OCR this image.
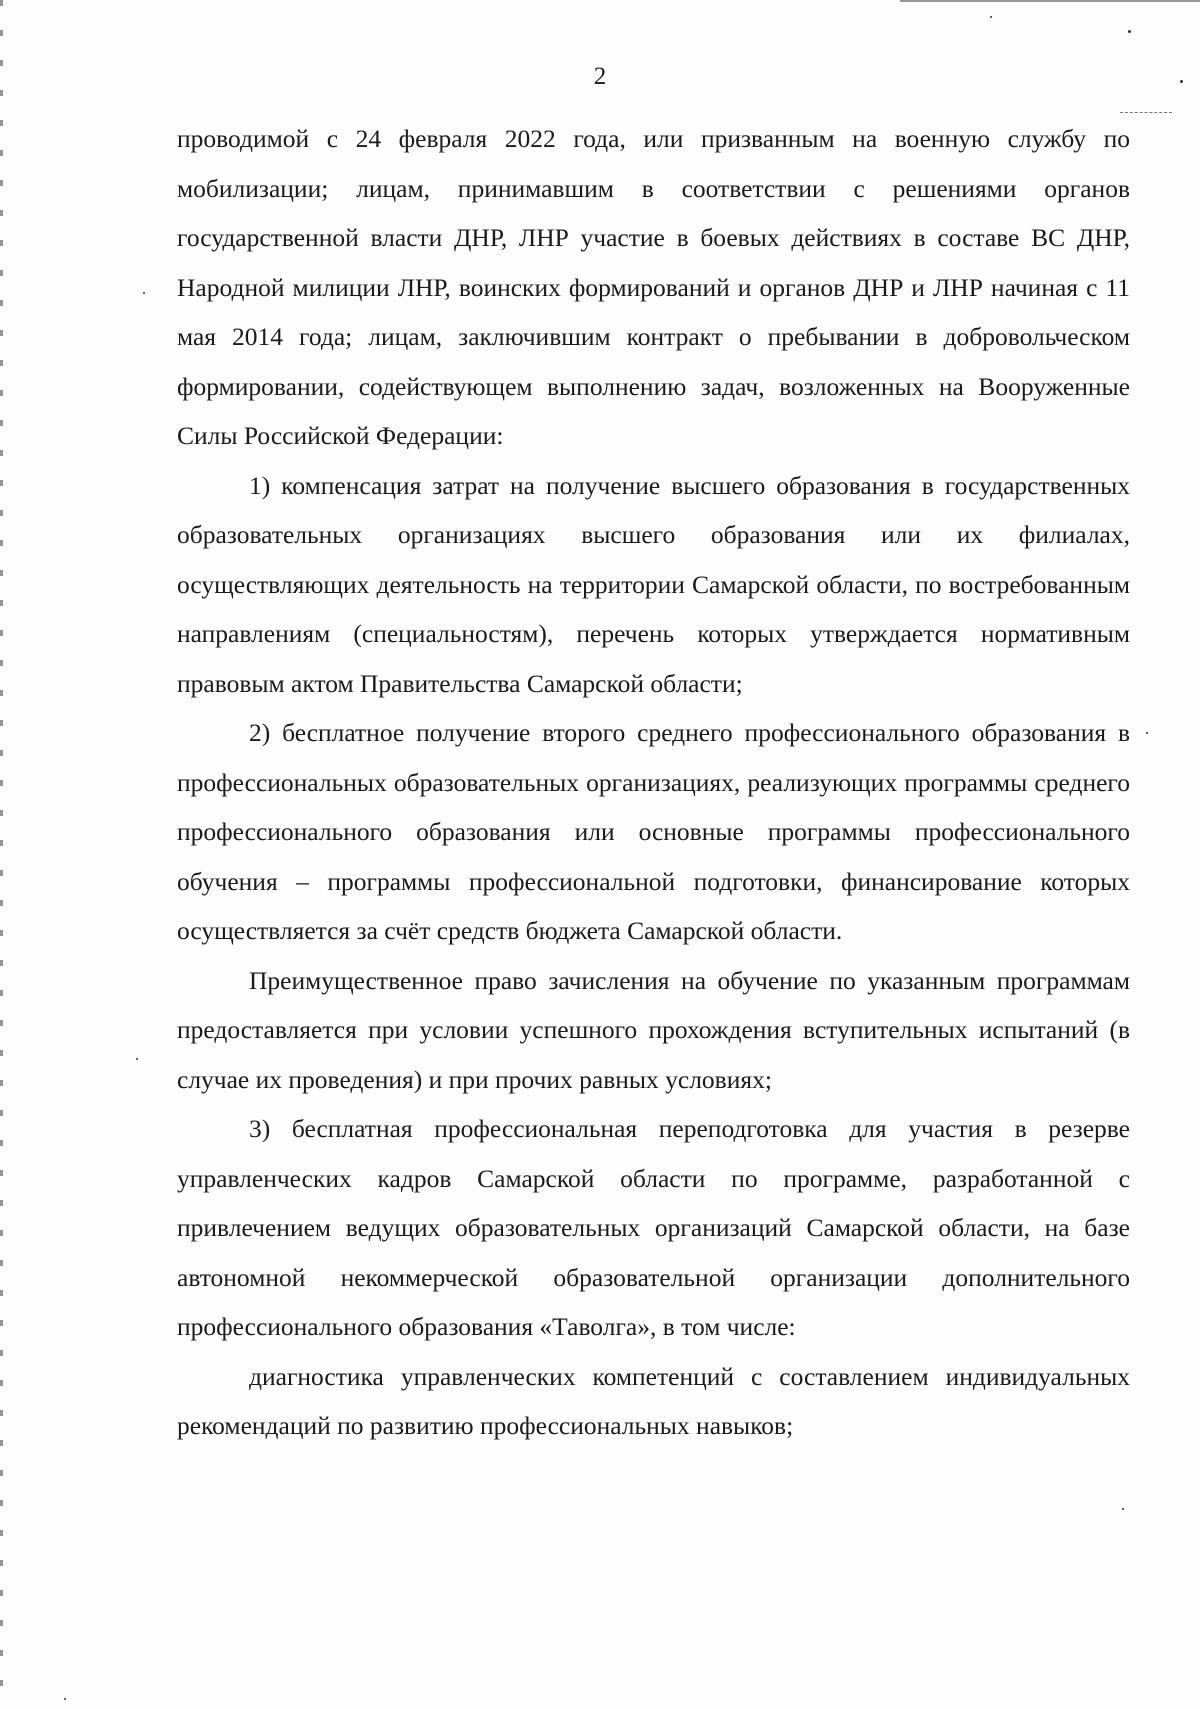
2

проводимой с 24 февраля 2022 года, или призванным на военную службу по мобилизации; лицам, принимавшим в соответствии с решениями органов государственной власти ДНР, ЛНР участие в боевых действиях в составе ВС ДНР, Народной милиции ЛНР, воинских формирований и органов ДНР и ЛНР начиная с 11 мая 2014 года; лицам, заключившим контракт о пребывании в добровольческом формировании, содействующем выполнению задач, возложенных на Вооруженные Силы Российской Федерации:

1) компенсация затрат на получение высшего образования в государственных образовательных организациях высшего образования или их филиалах, осуществляющих деятельность на территории Самарской области, по востребованным направлениям (специальностям), перечень которых утверждается нормативным правовым актом Правительства Самарской области;

2) бесплатное получение второго среднего профессионального образования в профессиональных образовательных организациях, реализующих программы среднего профессионального образования или основные программы профессионального обучения – программы профессиональной подготовки, финансирование которых осуществляется за счёт средств бюджета Самарской области.

Преимущественное право зачисления на обучение по указанным программам предоставляется при условии успешного прохождения вступительных испытаний (в случае их проведения) и при прочих равных условиях;

3) бесплатная профессиональная переподготовка для участия в резерве управленческих кадров Самарской области по программе, разработанной с привлечением ведущих образовательных организаций Самарской области, на базе автономной некоммерческой образовательной организации дополнительного профессионального образования «Таволга», в том числе:

диагностика управленческих компетенций с составлением индивидуальных рекомендаций по развитию профессиональных навыков;
